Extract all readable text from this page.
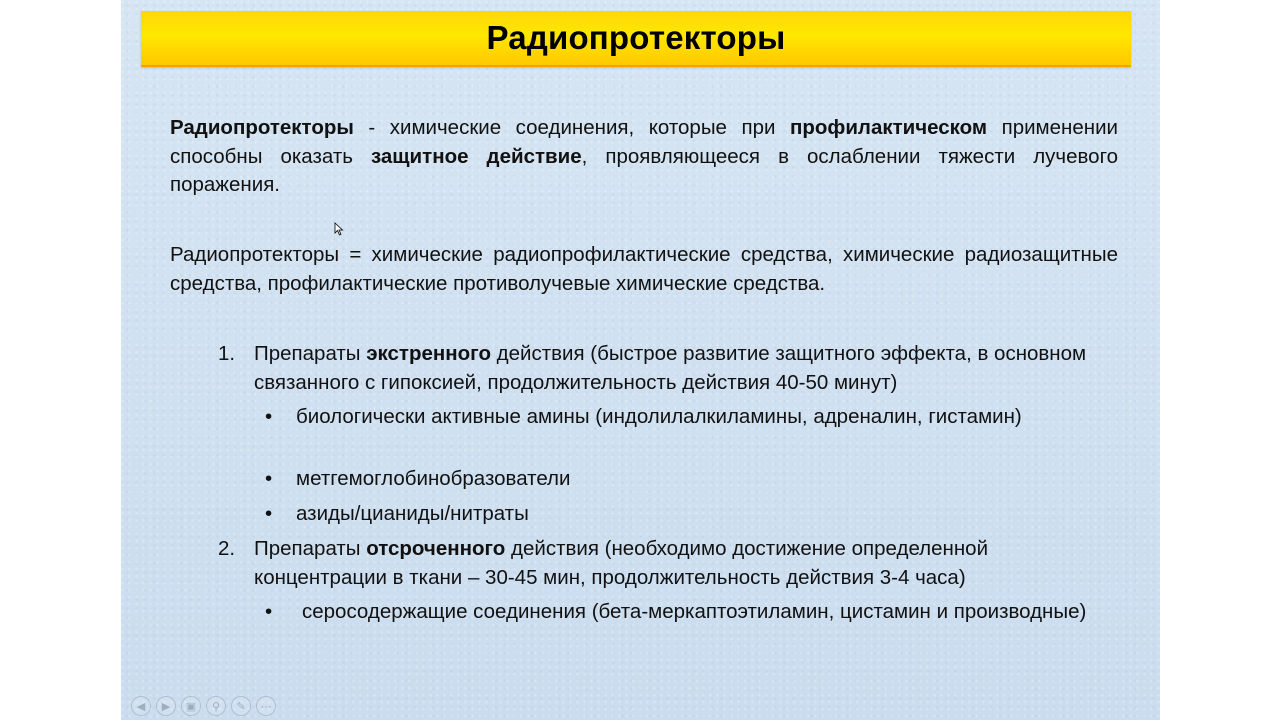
Радиопротекторы
Радиопротекторы - химические соединения, которые при профилактическом применении способны оказать защитное действие, проявляющееся в ослаблении тяжести лучевого поражения.
Радиопротекторы = химические радиопрофилактические средства, химические радиозащитные средства, профилактические противолучевые химические средства.
1. Препараты экстренного действия (быстрое развитие защитного эффекта, в основном связанного с гипоксией, продолжительность действия 40-50 минут)
• биологически активные амины (индолилалкиламины, адреналин, гистамин)
• метгемоглобинобразователи
• азиды/цианиды/нитраты
2. Препараты отсроченного действия (необходимо достижение определенной концентрации в ткани – 30-45 мин, продолжительность действия 3-4 часа)
• серосодержащие соединения (бета-меркаптоэтиламин, цистамин и производные)
◀	▶	▣	⚲	✎	⋯
